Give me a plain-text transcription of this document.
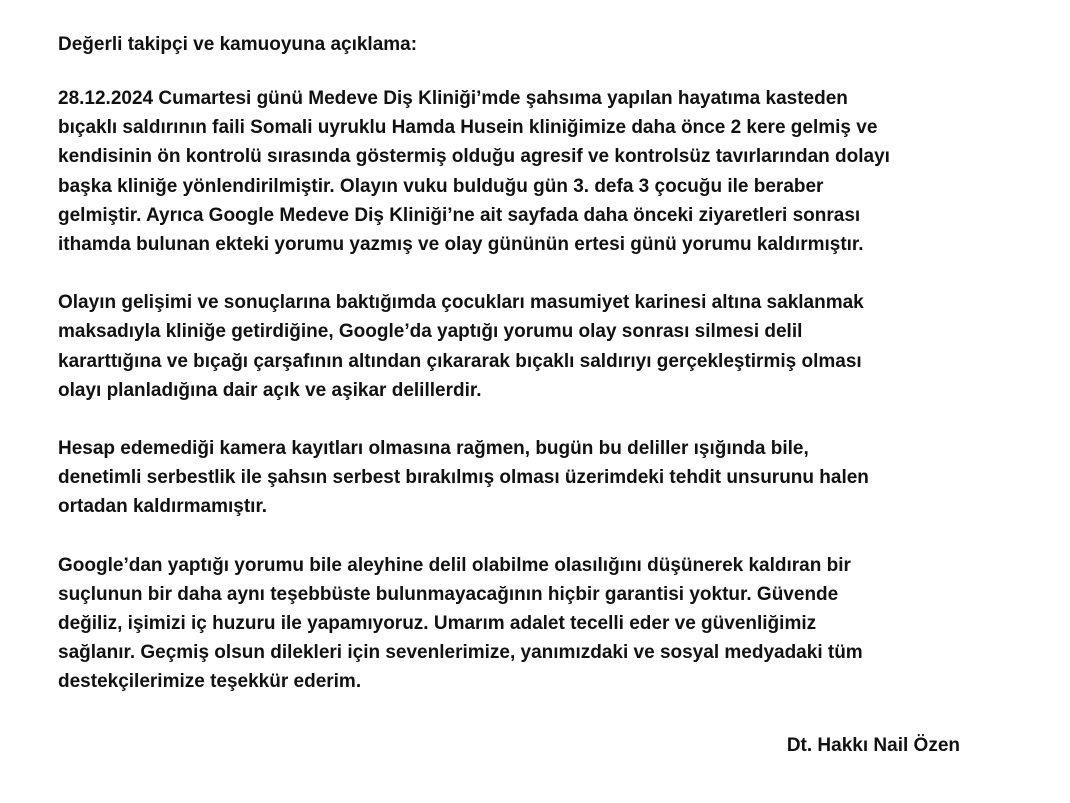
Değerli takipçi ve kamuoyuna açıklama:
28.12.2024 Cumartesi günü Medeve Diş Kliniği’mde şahsıma yapılan hayatıma kasteden
bıçaklı saldırının faili Somali uyruklu Hamda Husein kliniğimize daha önce 2 kere gelmiş ve
kendisinin ön kontrolü sırasında göstermiş olduğu agresif ve kontrolsüz tavırlarından dolayı
başka kliniğe yönlendirilmiştir. Olayın vuku bulduğu gün 3. defa 3 çocuğu ile beraber
gelmiştir. Ayrıca Google Medeve Diş Kliniği’ne ait sayfada daha önceki ziyaretleri sonrası
ithamda bulunan ekteki yorumu yazmış ve olay gününün ertesi günü yorumu kaldırmıştır.
Olayın gelişimi ve sonuçlarına baktığımda çocukları masumiyet karinesi altına saklanmak
maksadıyla kliniğe getirdiğine, Google’da yaptığı yorumu olay sonrası silmesi delil
kararttığına ve bıçağı çarşafının altından çıkararak bıçaklı saldırıyı gerçekleştirmiş olması
olayı planladığına dair açık ve aşikar delillerdir.
Hesap edemediği kamera kayıtları olmasına rağmen, bugün bu deliller ışığında bile,
denetimli serbestlik ile şahsın serbest bırakılmış olması üzerimdeki tehdit unsurunu halen
ortadan kaldırmamıştır.
Google’dan yaptığı yorumu bile aleyhine delil olabilme olasılığını düşünerek kaldıran bir
suçlunun bir daha aynı teşebbüste bulunmayacağının hiçbir garantisi yoktur. Güvende
değiliz, işimizi iç huzuru ile yapamıyoruz. Umarım adalet tecelli eder ve güvenliğimiz
sağlanır. Geçmiş olsun dilekleri için sevenlerimize, yanımızdaki ve sosyal medyadaki tüm
destekçilerimize teşekkür ederim.
Dt. Hakkı Nail Özen
